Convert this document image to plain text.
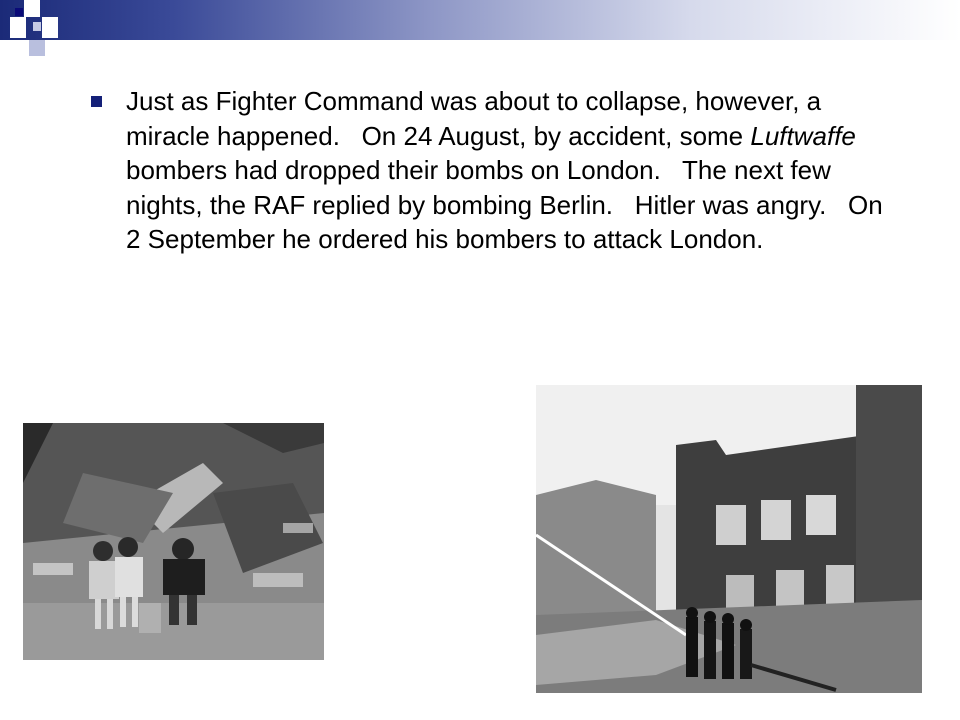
Just as Fighter Command was about to collapse, however, a miracle happened.   On 24 August, by accident, some Luftwaffe bombers had dropped their bombs on London.   The next few nights, the RAF replied by bombing Berlin.   Hitler was angry.   On 2 September he ordered his bombers to attack London.
